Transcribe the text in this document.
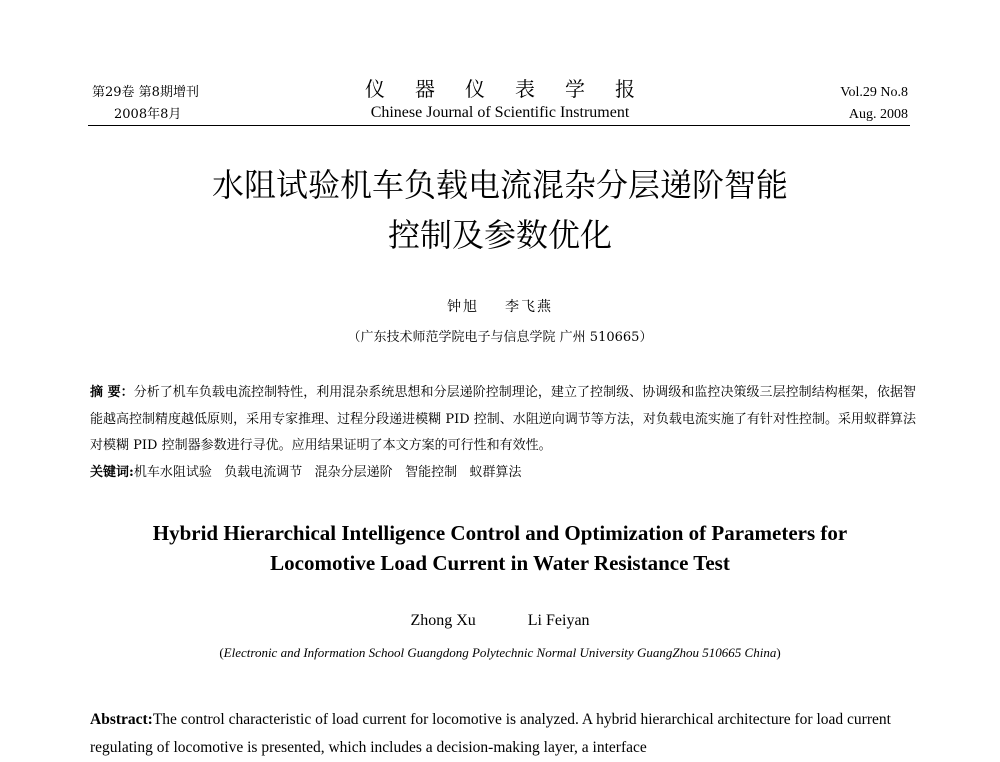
第29卷 第8期增刊
2008年8月
仪器仪表学报
Chinese Journal of Scientific Instrument
Vol.29 No.8
Aug. 2008
水阻试验机车负载电流混杂分层递阶智能
控制及参数优化
钟旭 李飞燕
（广东技术师范学院电子与信息学院 广州 510665）
摘 要：分析了机车负载电流控制特性，利用混杂系统思想和分层递阶控制理论，建立了控制级、协调级和监控决策级三层控制结构框架，依据智能越高控制精度越低原则，采用专家推理、过程分段递进模糊 PID 控制、水阻逆向调节等方法，对负载电流实施了有针对性控制。采用蚁群算法对模糊 PID 控制器参数进行寻优。应用结果证明了本文方案的可行性和有效性。
关键词:机车水阻试验 负载电流调节 混杂分层递阶 智能控制 蚁群算法
Hybrid Hierarchical Intelligence Control and Optimization of Parameters for
Locomotive Load Current in Water Resistance Test
Zhong Xu	Li Feiyan
(Electronic and Information School Guangdong Polytechnic Normal University GuangZhou 510665 China)
Abstract:The control characteristic of load current for locomotive is analyzed. A hybrid hierarchical architecture for load current regulating of locomotive is presented, which includes a decision-making layer, a interface
